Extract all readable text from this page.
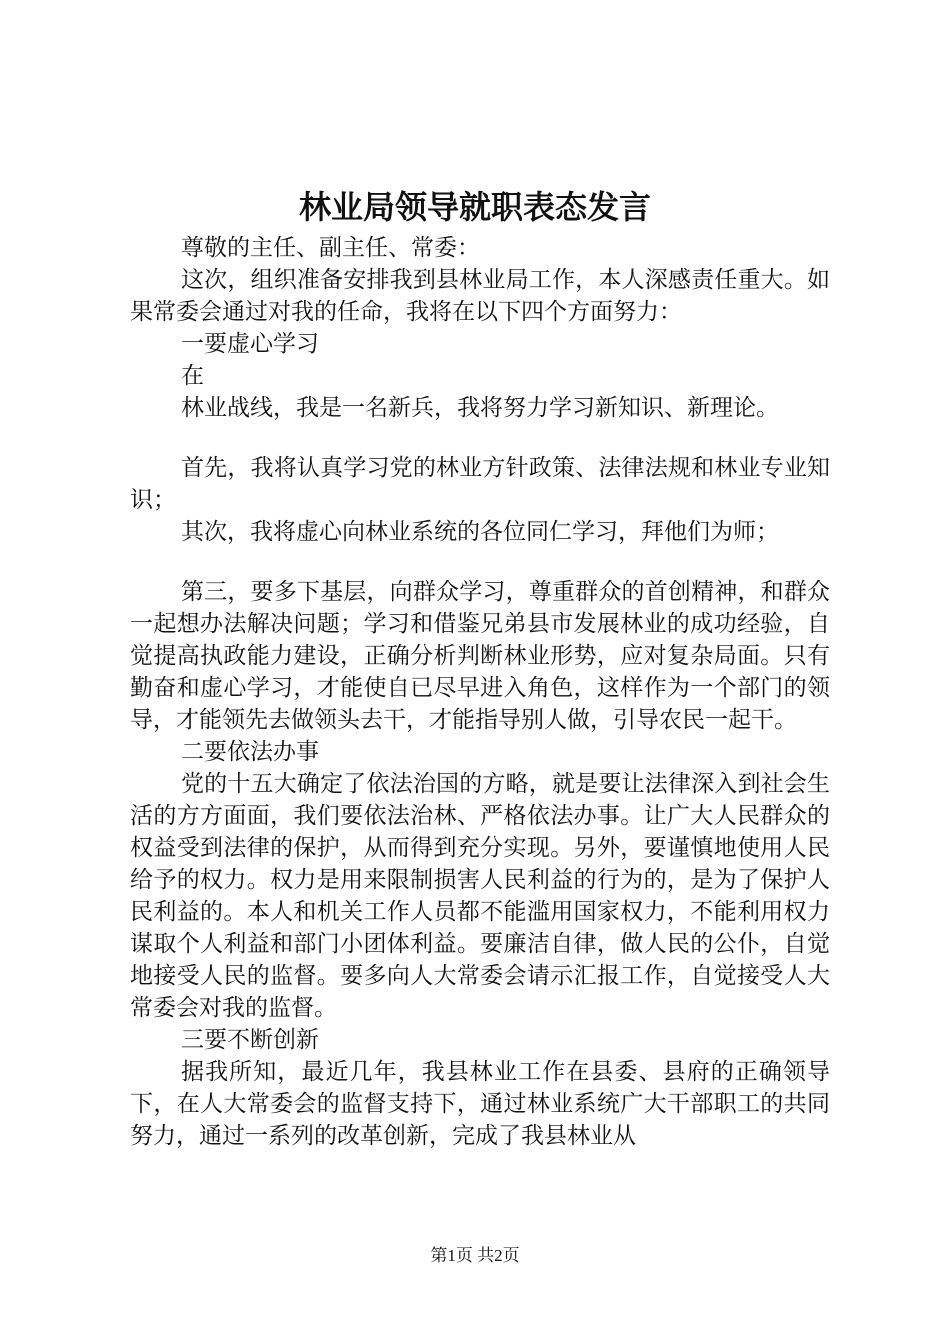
林业局领导就职表态发言

尊敬的主任、副主任、常委：

这次，组织准备安排我到县林业局工作，本人深感责任重大。如果常委会通过对我的任命，我将在以下四个方面努力：

一要虚心学习

在

林业战线，我是一名新兵，我将努力学习新知识、新理论。

首先，我将认真学习党的林业方针政策、法律法规和林业专业知识；

其次，我将虚心向林业系统的各位同仁学习，拜他们为师；

第三，要多下基层，向群众学习，尊重群众的首创精神，和群众一起想办法解决问题；学习和借鉴兄弟县市发展林业的成功经验，自觉提高执政能力建设，正确分析判断林业形势，应对复杂局面。只有勤奋和虚心学习，才能使自已尽早进入角色，这样作为一个部门的领导，才能领先去做领头去干，才能指导别人做，引导农民一起干。

二要依法办事

党的十五大确定了依法治国的方略，就是要让法律深入到社会生活的方方面面，我们要依法治林、严格依法办事。让广大人民群众的权益受到法律的保护，从而得到充分实现。另外，要谨慎地使用人民给予的权力。权力是用来限制损害人民利益的行为的，是为了保护人民利益的。本人和机关工作人员都不能滥用国家权力，不能利用权力谋取个人利益和部门小团体利益。要廉洁自律，做人民的公仆，自觉地接受人民的监督。要多向人大常委会请示汇报工作，自觉接受人大常委会对我的监督。

三要不断创新

据我所知，最近几年，我县林业工作在县委、县府的正确领导下，在人大常委会的监督支持下，通过林业系统广大干部职工的共同努力，通过一系列的改革创新，完成了我县林业从

第1页 共2页
